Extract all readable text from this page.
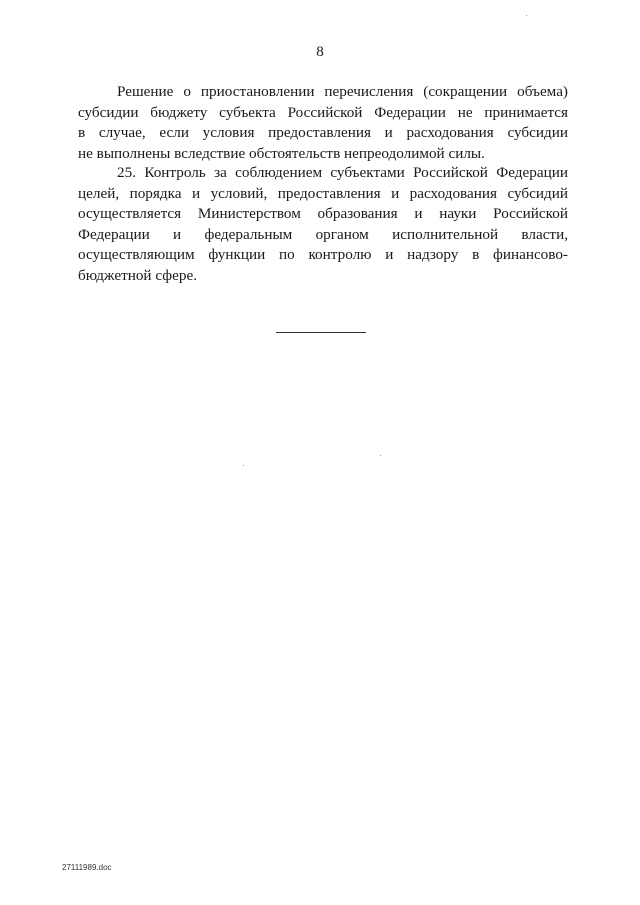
8
Решение о приостановлении перечисления (сокращении объема)
субсидии бюджету субъекта Российской Федерации не принимается
в случае, если условия предоставления и расходования субсидии
не выполнены вследствие обстоятельств непреодолимой силы.
25. Контроль за соблюдением субъектами Российской Федерации
целей, порядка и условий, предоставления и расходования субсидий
осуществляется Министерством образования и науки Российской
Федерации и федеральным органом исполнительной власти,
осуществляющим функции по контролю и надзору в финансово-
бюджетной сфере.
27111989.doc
